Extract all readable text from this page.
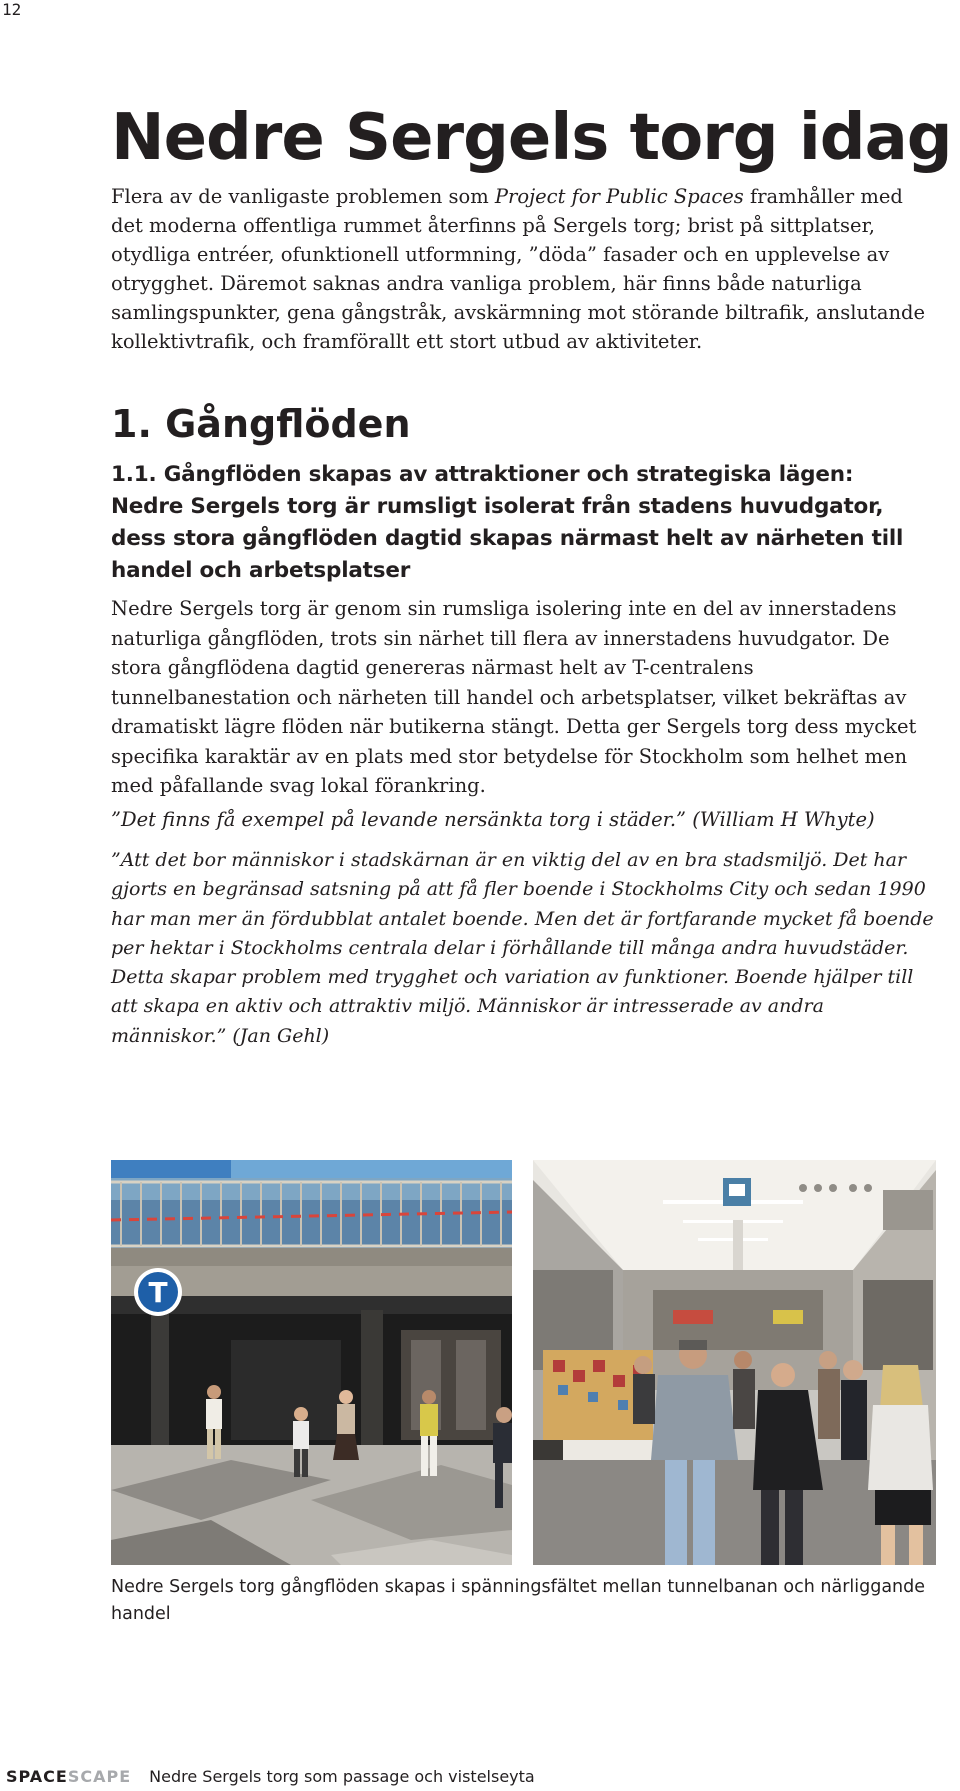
12
Nedre Sergels torg idag

Flera av de vanligaste problemen som Project for Public Spaces framhåller med det moderna offentliga rummet återfinns på Sergels torg; brist på sittplatser, otydliga entréer, ofunktionell utformning, ”döda” fasader och en upplevelse av otrygghet. Däremot saknas andra vanliga problem, här finns både naturliga samlingspunkter, gena gångstråk, avskärmning mot störande biltrafik, anslutande kollektivtrafik, och framförallt ett stort utbud av aktiviteter.

1. Gångflöden
1.1. Gångflöden skapas av attraktioner och strategiska lägen: Nedre Sergels torg är rumsligt isolerat från stadens huvudgator, dess stora gångflöden dagtid skapas närmast helt av närheten till handel och arbetsplatser

Nedre Sergels torg är genom sin rumsliga isolering inte en del av innerstadens naturliga gångflöden, trots sin närhet till flera av innerstadens huvudgator. De stora gångflödena dagtid genereras närmast helt av T-centralens tunnelbanestation och närheten till handel och arbetsplatser, vilket bekräftas av dramatiskt lägre flöden när butikerna stängt. Detta ger Sergels torg dess mycket specifika karaktär av en plats med stor betydelse för Stockholm som helhet men med påfallande svag lokal förankring.

”Det finns få exempel på levande nersänkta torg i städer.” (William H Whyte)

”Att det bor människor i stadskärnan är en viktig del av en bra stadsmiljö. Det har gjorts en begränsad satsning på att få fler boende i Stockholms City och sedan 1990 har man mer än fördubblat antalet boende. Men det är fortfarande mycket få boende per hektar i Stockholms centrala delar i förhållande till många andra huvudstäder. Detta skapar problem med trygghet och variation av funktioner. Boende hjälper till att skapa en aktiv och attraktiv miljö. Människor är intresserade av andra människor.” (Jan Gehl)

T

Nedre Sergels torg gångflöden skapas i spänningsfältet mellan tunnelbanan och närliggande handel

SPACE SCAPE Nedre Sergels torg som passage och vistelseyta
